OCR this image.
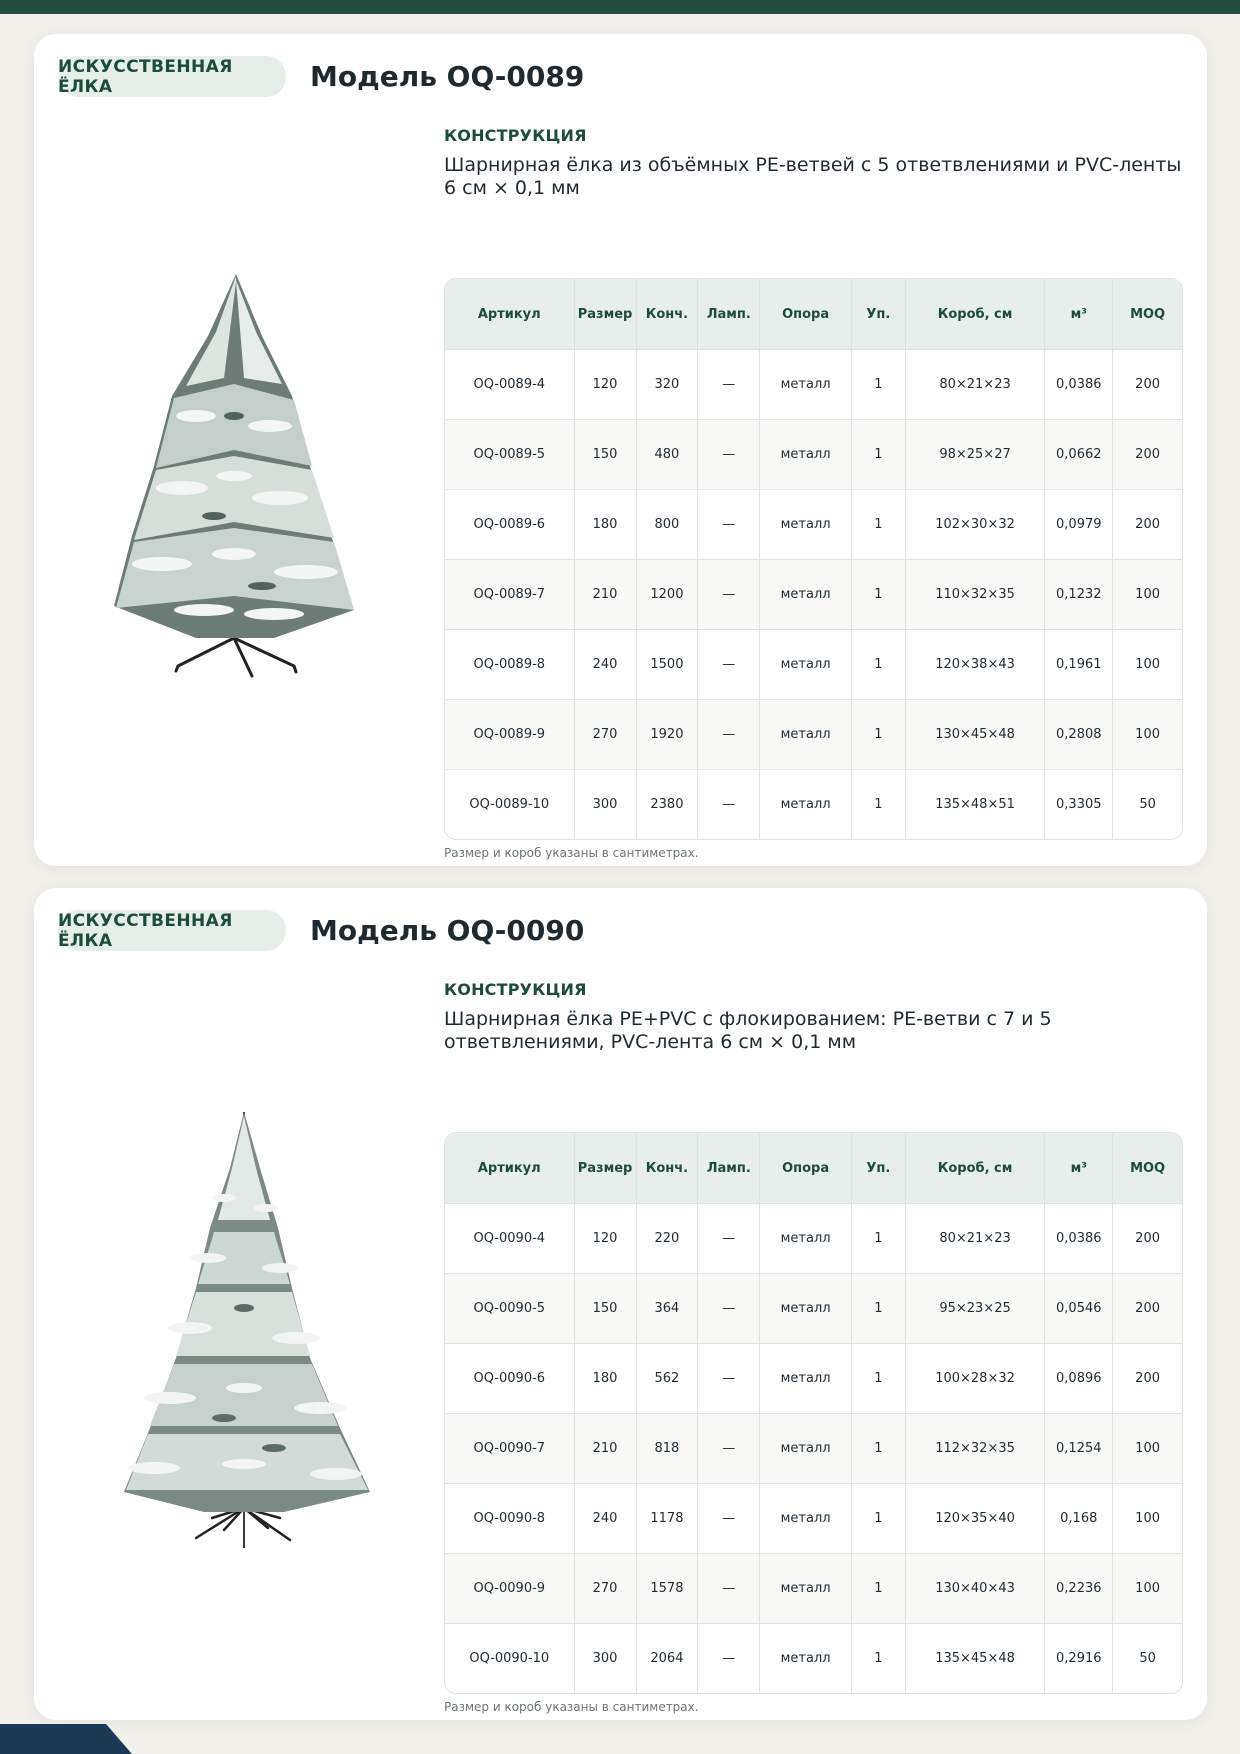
ИСКУССТВЕННАЯ ЁЛКА	Модель OQ-0089
КОНСТРУКЦИЯ

Шарнирная ёлка из объёмных PE-ветвей с 5 ответвлениями и PVC-ленты 6 см × 0,1 мм

Артикул	Размер	Конч.	Ламп.	Опора	Уп.	Короб, см	м³	MOQ
OQ-0089-4	120	320	—	металл	1	80×21×23	0,0386	200
OQ-0089-5	150	480	—	металл	1	98×25×27	0,0662	200
OQ-0089-6	180	800	—	металл	1	102×30×32	0,0979	200
OQ-0089-7	210	1200	—	металл	1	110×32×35	0,1232	100
OQ-0089-8	240	1500	—	металл	1	120×38×43	0,1961	100
OQ-0089-9	270	1920	—	металл	1	130×45×48	0,2808	100
OQ-0089-10	300	2380	—	металл	1	135×48×51	0,3305	50
Размер и короб указаны в сантиметрах.
ИСКУССТВЕННАЯ ЁЛКА	Модель OQ-0090
КОНСТРУКЦИЯ

Шарнирная ёлка PE+PVC с флокированием: PE-ветви с 7 и 5 ответвлениями, PVC-лента 6 см × 0,1 мм

Артикул	Размер	Конч.	Ламп.	Опора	Уп.	Короб, см	м³	MOQ
OQ-0090-4	120	220	—	металл	1	80×21×23	0,0386	200
OQ-0090-5	150	364	—	металл	1	95×23×25	0,0546	200
OQ-0090-6	180	562	—	металл	1	100×28×32	0,0896	200
OQ-0090-7	210	818	—	металл	1	112×32×35	0,1254	100
OQ-0090-8	240	1178	—	металл	1	120×35×40	0,168	100
OQ-0090-9	270	1578	—	металл	1	130×40×43	0,2236	100
OQ-0090-10	300	2064	—	металл	1	135×45×48	0,2916	50
Размер и короб указаны в сантиметрах.
